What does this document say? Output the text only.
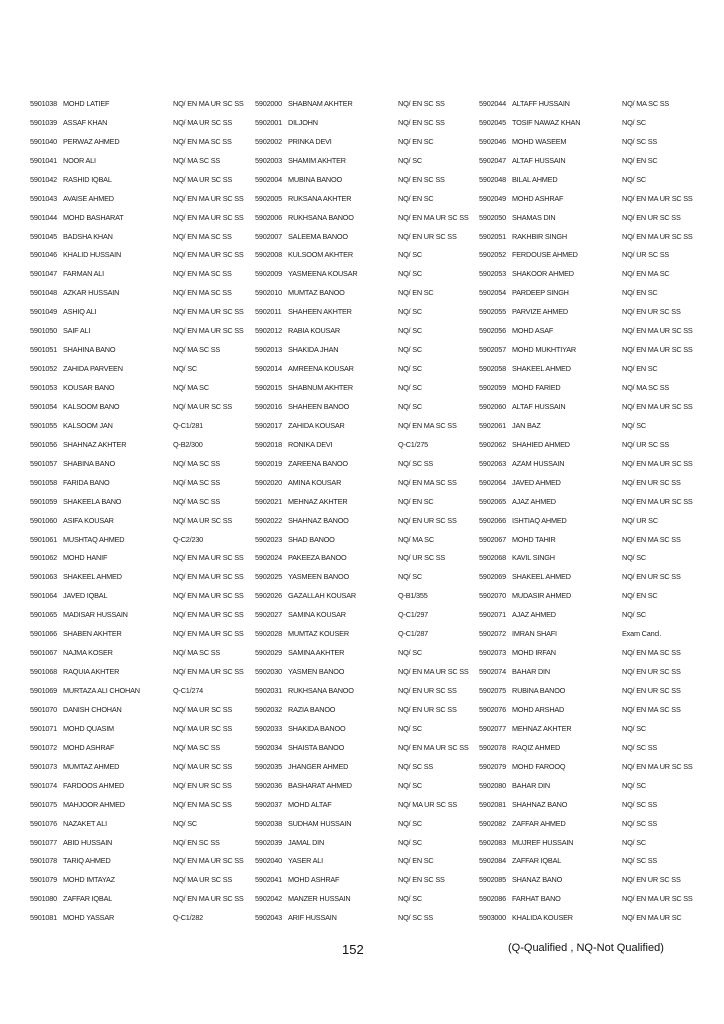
5901038 MOHD LATIEF	NQ/ EN MA UR SC SS
5901039 ASSAF KHAN	NQ/ MA UR SC SS
5901040 PERWAZ AHMED	NQ/ EN MA SC SS
5901041 NOOR ALI	NQ/ MA SC SS
5901042 RASHID IQBAL	NQ/ MA UR SC SS
5901043 AVAISE AHMED	NQ/ EN MA UR SC SS
5901044 MOHD BASHARAT	NQ/ EN MA UR SC SS
5901045 BADSHA KHAN	NQ/ EN MA SC SS
5901046 KHALID HUSSAIN	NQ/ EN MA UR SC SS
5901047 FARMAN ALI	NQ/ EN MA SC SS
5901048 AZKAR HUSSAIN	NQ/ EN MA SC SS
5901049 ASHIQ ALI	NQ/ EN MA UR SC SS
5901050 SAIF ALI	NQ/ EN MA UR SC SS
5901051 SHAHINA BANO	NQ/ MA SC SS
5901052 ZAHIDA PARVEEN	NQ/ SC
5901053 KOUSAR BANO	NQ/ MA SC
5901054 KALSOOM BANO	NQ/ MA UR SC SS
5901055 KALSOOM JAN	Q-C1/281
5901056 SHAHNAZ AKHTER	Q-B2/300
5901057 SHABINA BANO	NQ/ MA SC SS
5901058 FARIDA BANO	NQ/ MA SC SS
5901059 SHAKEELA BANO	NQ/ MA SC SS
5901060 ASIFA KOUSAR	NQ/ MA UR SC SS
5901061 MUSHTAQ AHMED	Q-C2/230
5901062 MOHD HANIF	NQ/ EN MA UR SC SS
5901063 SHAKEEL AHMED	NQ/ EN MA UR SC SS
5901064 JAVED IQBAL	NQ/ EN MA UR SC SS
5901065 MADISAR HUSSAIN	NQ/ EN MA UR SC SS
5901066 SHABEN AKHTER	NQ/ EN MA UR SC SS
5901067 NAJMA KOSER	NQ/ MA SC SS
5901068 RAQUIA AKHTER	NQ/ EN MA UR SC SS
5901069 MURTAZA ALI CHOHAN	Q-C1/274
5901070 DANISH CHOHAN	NQ/ MA UR SC SS
5901071 MOHD QUASIM	NQ/ MA UR SC SS
5901072 MOHD ASHRAF	NQ/ MA SC SS
5901073 MUMTAZ AHMED	NQ/ MA UR SC SS
5901074 FARDOOS AHMED	NQ/ EN UR SC SS
5901075 MAHJOOR AHMED	NQ/ EN MA SC SS
5901076 NAZAKET ALI	NQ/ SC
5901077 ABID HUSSAIN	NQ/ EN SC SS
5901078 TARIQ AHMED	NQ/ EN MA UR SC SS
5901079 MOHD IMTAYAZ	NQ/ MA UR SC SS
5901080 ZAFFAR IQBAL	NQ/ EN MA UR SC SS
5901081 MOHD YASSAR	Q-C1/282
5902000 SHABNAM AKHTER	NQ/ EN SC SS
5902001 DILJOHN	NQ/ EN SC SS
5902002 PRINKA DEVI	NQ/ EN SC
5902003 SHAMIM AKHTER	NQ/ SC
5902004 MUBINA BANOO	NQ/ EN SC SS
5902005 RUKSANA AKHTER	NQ/ EN SC
5902006 RUKHSANA BANOO	NQ/ EN MA UR SC SS
5902007 SALEEMA BANOO	NQ/ EN UR SC SS
5902008 KULSOOM AKHTER	NQ/ SC
5902009 YASMEENA KOUSAR	NQ/ SC
5902010 MUMTAZ BANOO	NQ/ EN SC
5902011 SHAHEEN AKHTER	NQ/ SC
5902012 RABIA KOUSAR	NQ/ SC
5902013 SHAKIDA JHAN	NQ/ SC
5902014 AMREENA KOUSAR	NQ/ SC
5902015 SHABNUM AKHTER	NQ/ SC
5902016 SHAHEEN BANOO	NQ/ SC
5902017 ZAHIDA KOUSAR	NQ/ EN MA SC SS
5902018 RONIKA DEVI	Q-C1/275
5902019 ZAREENA BANOO	NQ/ SC SS
5902020 AMINA KOUSAR	NQ/ EN MA SC SS
5902021 MEHNAZ AKHTER	NQ/ EN SC
5902022 SHAHNAZ BANOO	NQ/ EN UR SC SS
5902023 SHAD BANOO	NQ/ MA SC
5902024 PAKEEZA BANOO	NQ/ UR SC SS
5902025 YASMEEN BANOO	NQ/ SC
5902026 GAZALLAH KOUSAR	Q-B1/355
5902027 SAMINA KOUSAR	Q-C1/297
5902028 MUMTAZ KOUSER	Q-C1/287
5902029 SAMINA AKHTER	NQ/ SC
5902030 YASMEN BANOO	NQ/ EN MA UR SC SS
5902031 RUKHSANA BANOO	NQ/ EN UR SC SS
5902032 RAZIA BANOO	NQ/ EN UR SC SS
5902033 SHAKIDA BANOO	NQ/ SC
5902034 SHAISTA BANOO	NQ/ EN MA UR SC SS
5902035 JHANGER AHMED	NQ/ SC SS
5902036 BASHARAT AHMED	NQ/ SC
5902037 MOHD ALTAF	NQ/ MA UR SC SS
5902038 SUDHAM HUSSAIN	NQ/ SC
5902039 JAMAL DIN	NQ/ SC
5902040 YASER ALI	NQ/ EN SC
5902041 MOHD ASHRAF	NQ/ EN SC SS
5902042 MANZER HUSSAIN	NQ/ SC
5902043 ARIF HUSSAIN	NQ/ SC SS
5902044 ALTAFF HUSSAIN	NQ/ MA SC SS
5902045 TOSIF NAWAZ KHAN	NQ/ SC
5902046 MOHD WASEEM	NQ/ SC SS
5902047 ALTAF HUSSAIN	NQ/ EN SC
5902048 BILAL AHMED	NQ/ SC
5902049 MOHD ASHRAF	NQ/ EN MA UR SC SS
5902050 SHAMAS DIN	NQ/ EN UR SC SS
5902051 RAKHBIR SINGH	NQ/ EN MA UR SC SS
5902052 FERDOUSE AHMED	NQ/ UR SC SS
5902053 SHAKOOR AHMED	NQ/ EN MA SC
5902054 PARDEEP SINGH	NQ/ EN SC
5902055 PARVIZE AHMED	NQ/ EN UR SC SS
5902056 MOHD ASAF	NQ/ EN MA UR SC SS
5902057 MOHD MUKHTIYAR	NQ/ EN MA UR SC SS
5902058 SHAKEEL AHMED	NQ/ EN SC
5902059 MOHD FARIED	NQ/ MA SC SS
5902060 ALTAF HUSSAIN	NQ/ EN MA UR SC SS
5902061 JAN BAZ	NQ/ SC
5902062 SHAHIED AHMED	NQ/ UR SC SS
5902063 AZAM HUSSAIN	NQ/ EN MA UR SC SS
5902064 JAVED AHMED	NQ/ EN UR SC SS
5902065 AJAZ AHMED	NQ/ EN MA UR SC SS
5902066 ISHTIAQ AHMED	NQ/ UR SC
5902067 MOHD TAHIR	NQ/ EN MA SC SS
5902068 KAVIL SINGH	NQ/ SC
5902069 SHAKEEL AHMED	NQ/ EN UR SC SS
5902070 MUDASIR AHMED	NQ/ EN SC
5902071 AJAZ AHMED	NQ/ SC
5902072 IMRAN SHAFI	Exam Cancl.
5902073 MOHD IRFAN	NQ/ EN MA SC SS
5902074 BAHAR DIN	NQ/ EN UR SC SS
5902075 RUBINA BANOO	NQ/ EN UR SC SS
5902076 MOHD ARSHAD	NQ/ EN MA SC SS
5902077 MEHNAZ AKHTER	NQ/ SC
5902078 RAQIZ AHMED	NQ/ SC SS
5902079 MOHD FAROOQ	NQ/ EN MA UR SC SS
5902080 BAHAR DIN	NQ/ SC
5902081 SHAHNAZ BANO	NQ/ SC SS
5902082 ZAFFAR AHMED	NQ/ SC SS
5902083 MUJREF HUSSAIN	NQ/ SC
5902084 ZAFFAR IQBAL	NQ/ SC SS
5902085 SHANAZ BANO	NQ/ EN UR SC SS
5902086 FARHAT BANO	NQ/ EN MA UR SC SS
5903000 KHALIDA KOUSER	NQ/ EN MA UR SC
152	(Q-Qualified , NQ-Not Qualified)
